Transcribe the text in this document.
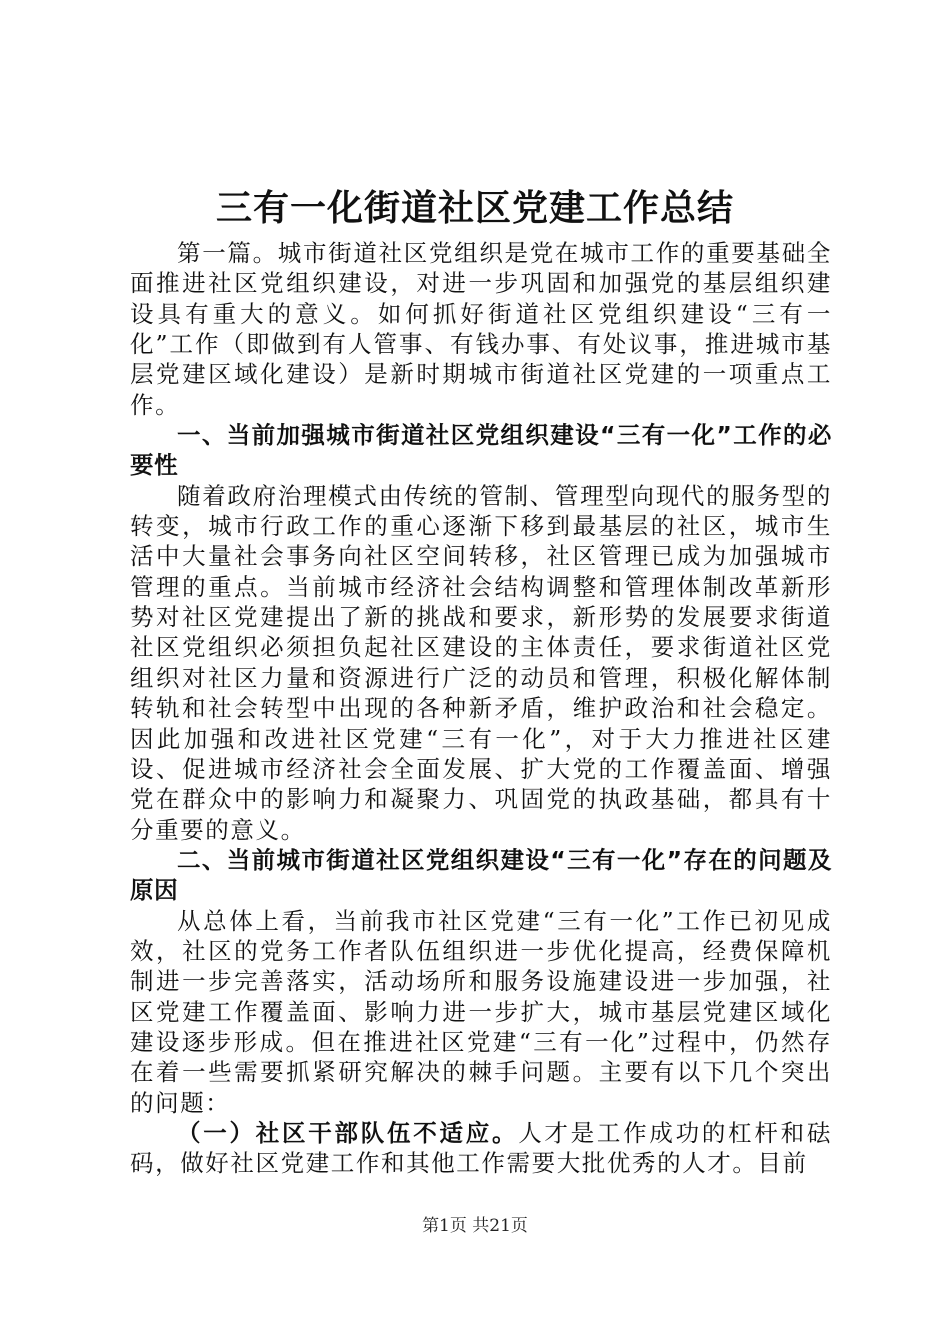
三有一化街道社区党建工作总结

第一篇。城市街道社区党组织是党在城市工作的重要基础全面推进社区党组织建设，对进一步巩固和加强党的基层组织建设具有重大的意义。如何抓好街道社区党组织建设“三有一化”工作（即做到有人管事、有钱办事、有处议事，推进城市基层党建区域化建设）是新时期城市街道社区党建的一项重点工作。

一、当前加强城市街道社区党组织建设“三有一化”工作的必要性

随着政府治理模式由传统的管制、管理型向现代的服务型的转变，城市行政工作的重心逐渐下移到最基层的社区，城市生活中大量社会事务向社区空间转移，社区管理已成为加强城市管理的重点。当前城市经济社会结构调整和管理体制改革新形势对社区党建提出了新的挑战和要求，新形势的发展要求街道社区党组织必须担负起社区建设的主体责任，要求街道社区党组织对社区力量和资源进行广泛的动员和管理，积极化解体制转轨和社会转型中出现的各种新矛盾，维护政治和社会稳定。因此加强和改进社区党建“三有一化”，对于大力推进社区建设、促进城市经济社会全面发展、扩大党的工作覆盖面、增强党在群众中的影响力和凝聚力、巩固党的执政基础，都具有十分重要的意义。

二、当前城市街道社区党组织建设“三有一化”存在的问题及原因

从总体上看，当前我市社区党建“三有一化”工作已初见成效，社区的党务工作者队伍组织进一步优化提高，经费保障机制进一步完善落实，活动场所和服务设施建设进一步加强，社区党建工作覆盖面、影响力进一步扩大，城市基层党建区域化建设逐步形成。但在推进社区党建“三有一化”过程中，仍然存在着一些需要抓紧研究解决的棘手问题。主要有以下几个突出的问题：

（一）社区干部队伍不适应。人才是工作成功的杠杆和砝码，做好社区党建工作和其他工作需要大批优秀的人才。目前

第1页 共21页
